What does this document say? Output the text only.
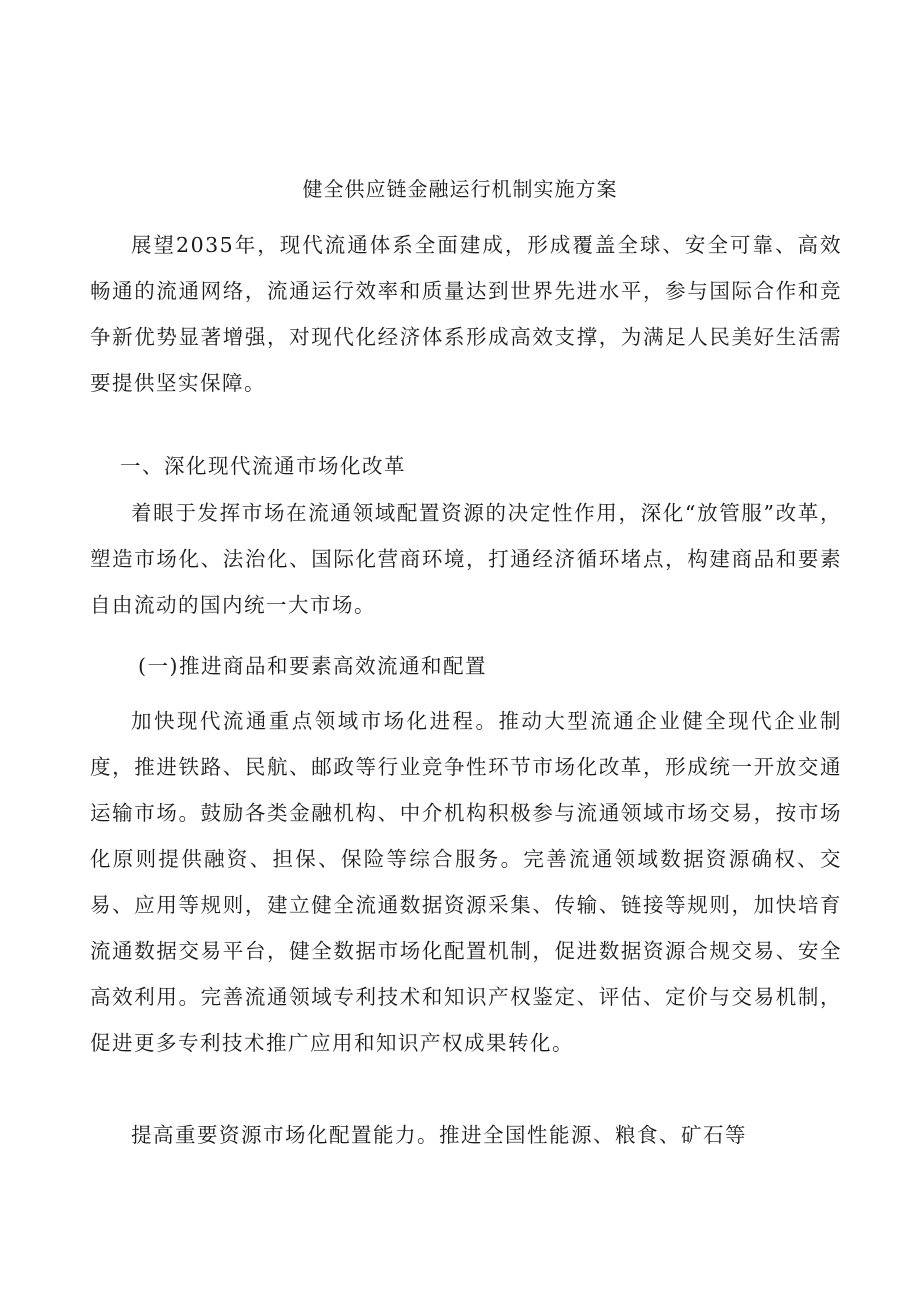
健全供应链金融运行机制实施方案

展望2035年，现代流通体系全面建成，形成覆盖全球、安全可靠、高效畅通的流通网络，流通运行效率和质量达到世界先进水平，参与国际合作和竞争新优势显著增强，对现代化经济体系形成高效支撑，为满足人民美好生活需要提供坚实保障。

一、深化现代流通市场化改革

着眼于发挥市场在流通领域配置资源的决定性作用，深化“放管服”改革，塑造市场化、法治化、国际化营商环境，打通经济循环堵点，构建商品和要素自由流动的国内统一大市场。

(一)推进商品和要素高效流通和配置

加快现代流通重点领域市场化进程。推动大型流通企业健全现代企业制度，推进铁路、民航、邮政等行业竞争性环节市场化改革，形成统一开放交通运输市场。鼓励各类金融机构、中介机构积极参与流通领域市场交易，按市场化原则提供融资、担保、保险等综合服务。完善流通领域数据资源确权、交易、应用等规则，建立健全流通数据资源采集、传输、链接等规则，加快培育流通数据交易平台，健全数据市场化配置机制，促进数据资源合规交易、安全高效利用。完善流通领域专利技术和知识产权鉴定、评估、定价与交易机制，促进更多专利技术推广应用和知识产权成果转化。

提高重要资源市场化配置能力。推进全国性能源、粮食、矿石等
